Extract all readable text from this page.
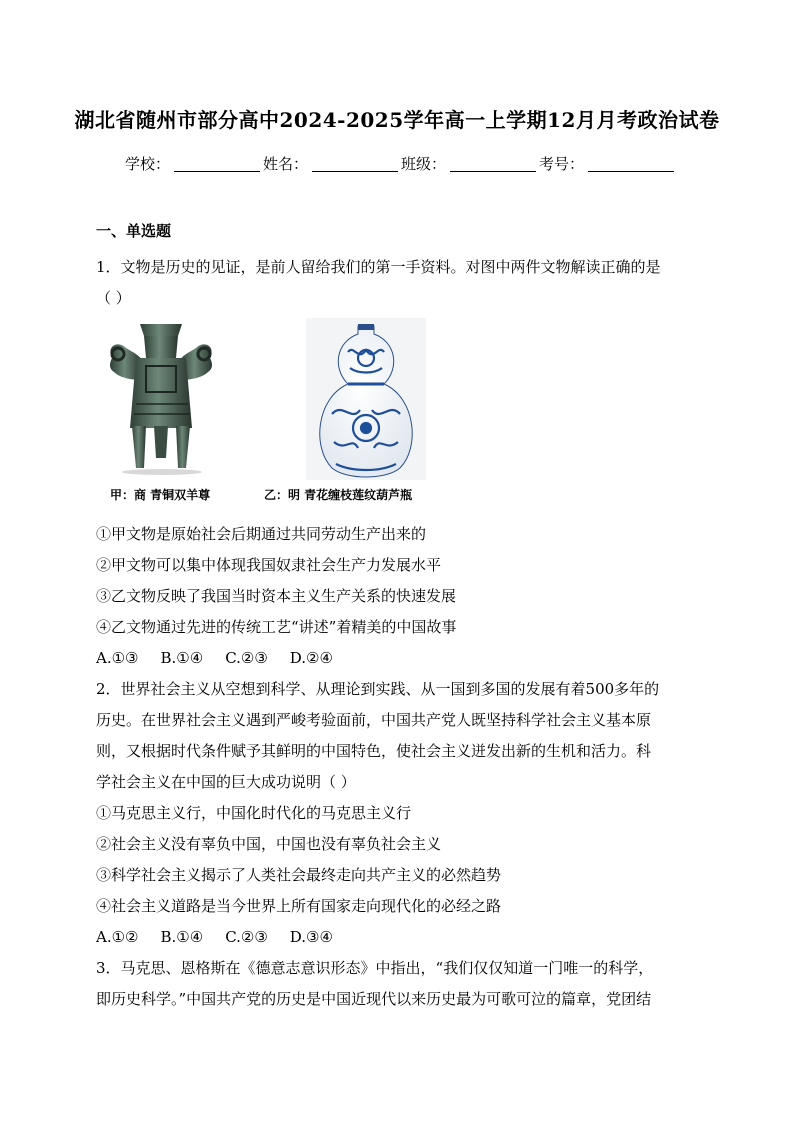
湖北省随州市部分高中2024-2025学年高一上学期12月月考政治试卷
学校：	姓名：	班级：	考号：
一、单选题

1．文物是历史的见证，是前人留给我们的第一手资料。对图中两件文物解读正确的是

（ ）

甲：商 青铜双羊尊	乙：明 青花缠枝莲纹葫芦瓶

①甲文物是原始社会后期通过共同劳动生产出来的

②甲文物可以集中体现我国奴隶社会生产力发展水平

③乙文物反映了我国当时资本主义生产关系的快速发展

④乙文物通过先进的传统工艺“讲述”着精美的中国故事

A.①③ B.①④ C.②③ D.②④

2．世界社会主义从空想到科学、从理论到实践、从一国到多国的发展有着500多年的

历史。在世界社会主义遇到严峻考验面前，中国共产党人既坚持科学社会主义基本原

则，又根据时代条件赋予其鲜明的中国特色，使社会主义迸发出新的生机和活力。科

学社会主义在中国的巨大成功说明（ ）

①马克思主义行，中国化时代化的马克思主义行

②社会主义没有辜负中国，中国也没有辜负社会主义

③科学社会主义揭示了人类社会最终走向共产主义的必然趋势

④社会主义道路是当今世界上所有国家走向现代化的必经之路

A.①② B.①④ C.②③ D.③④

3．马克思、恩格斯在《德意志意识形态》中指出，“我们仅仅知道一门唯一的科学，

即历史科学。”中国共产党的历史是中国近现代以来历史最为可歌可泣的篇章，党团结
